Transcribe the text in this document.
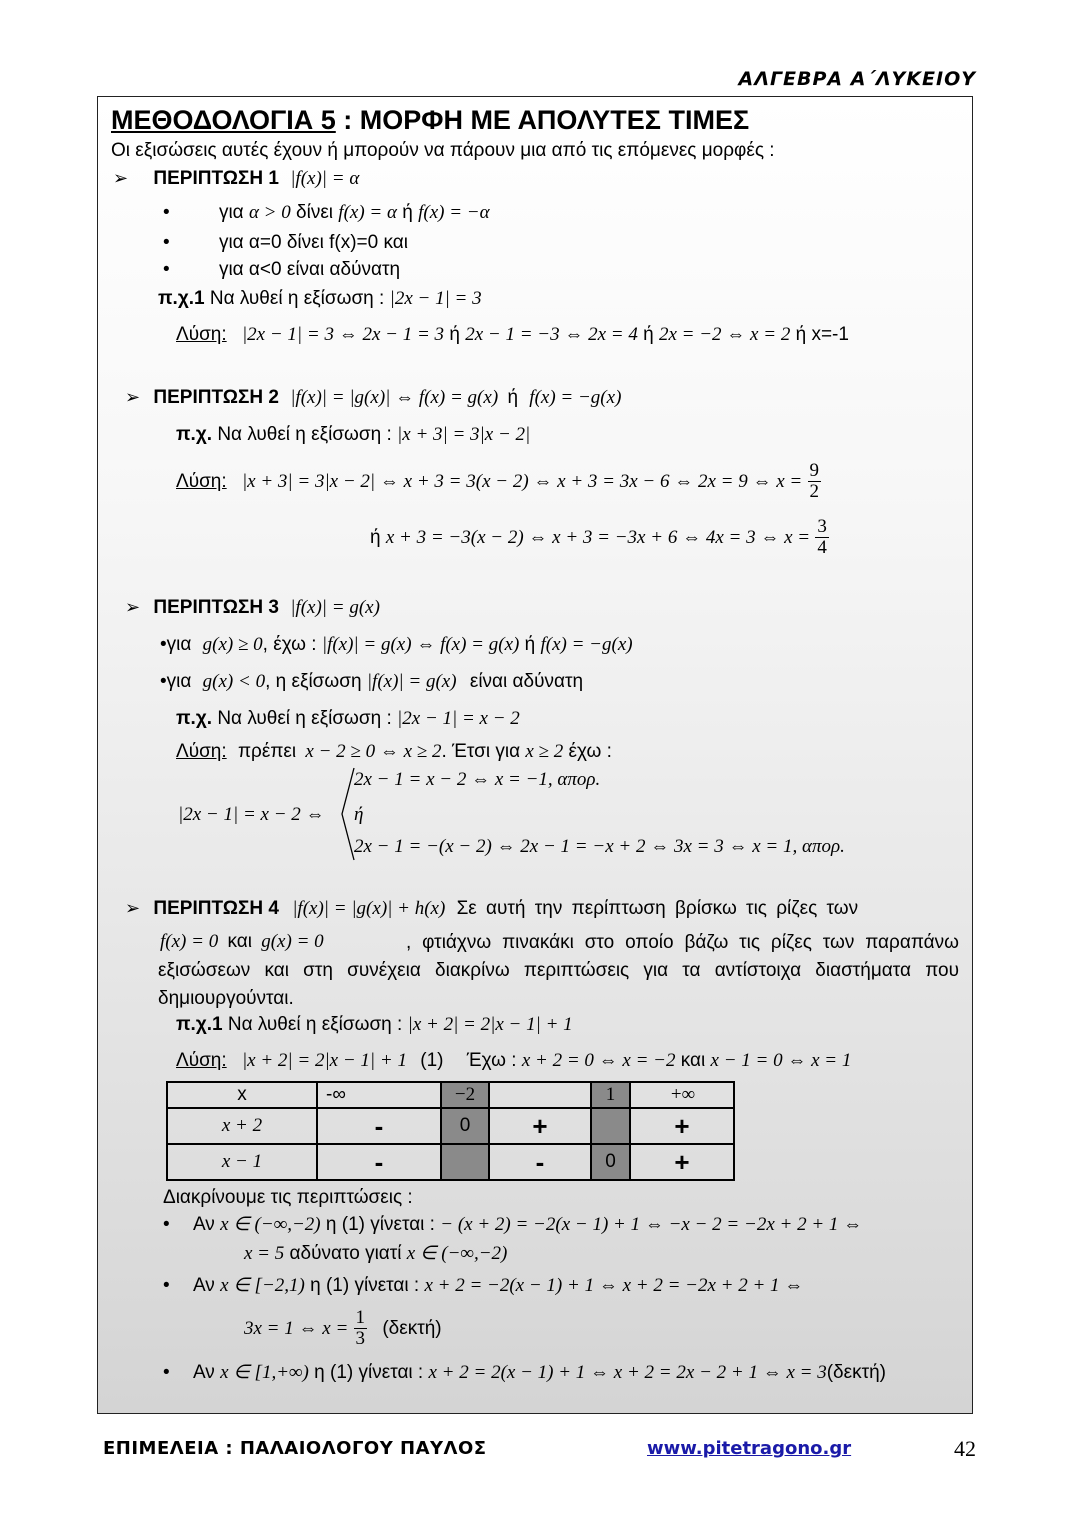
ΑΛΓΕΒΡΑ Α΄ΛΥΚΕΙΟΥ
ΜΕΘΟΔΟΛΟΓΙΑ 5 : ΜΟΡΦΗ ΜΕ ΑΠΟΛΥΤΕΣ ΤΙΜΕΣ
Οι εξισώσεις αυτές έχουν ή μπορούν να πάρουν μια από τις επόμενες μορφές :
➢ ΠΕΡΙΠΤΩΣΗ 1 |f(x)| = α
•	για α > 0 δίνει f(x) = α ή f(x) = −α
•	για α=0 δίνει f(x)=0 και
•	για α<0 είναι αδύνατη
π.χ.1 Να λυθεί η εξίσωση : |2x − 1| = 3
Λύση: |2x − 1| = 3 ⇔ 2x − 1 = 3 ή 2x − 1 = −3 ⇔ 2x = 4 ή 2x = −2 ⇔ x = 2 ή x=-1
➢ ΠΕΡΙΠΤΩΣΗ 2 |f(x)| = |g(x)| ⇔ f(x) = g(x) ή f(x) = −g(x)
π.χ. Να λυθεί η εξίσωση : |x + 3| = 3|x − 2|
Λύση: |x + 3| = 3|x − 2| ⇔ x + 3 = 3(x − 2) ⇔ x + 3 = 3x − 6 ⇔ 2x = 9 ⇔ $x = \frac{9}{2}$
ή x + 3 = −3(x − 2) ⇔ x + 3 = −3x + 6 ⇔ 4x = 3 ⇔ $x = \frac{3}{4}$
➢ ΠΕΡΙΠΤΩΣΗ 3 |f(x)| = g(x)
•για g(x) ≥ 0, έχω : |f(x)| = g(x) ⇔ f(x) = g(x) ή f(x) = −g(x)
•για g(x) < 0, η εξίσωση |f(x)| = g(x) είναι αδύνατη
π.χ. Να λυθεί η εξίσωση : |2x − 1| = x − 2
Λύση: πρέπει x − 2 ≥ 0 ⇔ x ≥ 2. Έτσι για x ≥ 2 έχω :
|2x − 1| = x − 2 ⇔
2x − 1 = x − 2 ⇔ x = −1, απορ.
ή
2x − 1 = −(x − 2) ⇔ 2x − 1 = −x + 2 ⇔ 3x = 3 ⇔ x = 1, απορ.
➢ ΠΕΡΙΠΤΩΣΗ 4 |f(x)| = |g(x)| + h(x) Σε αυτή την περίπτωση βρίσκω τις ρίζες των
f(x) = 0 και g(x) = 0	, φτιάχνω πινακάκι στο οποίο βάζω τις ρίζες των παραπάνω εξισώσεων και στη συνέχεια διακρίνω περιπτώσεις για τα αντίστοιχα διαστήματα που δημιουργούνται.
π.χ.1 Να λυθεί η εξίσωση : |x + 2| = 2|x − 1| + 1
Λύση: |x + 2| = 2|x − 1| + 1 (1) Έχω : x + 2 = 0 ⇔ x = −2 και x − 1 = 0 ⇔ x = 1
x	-∞	−2		1	+∞
x + 2	-	0	+		+
x − 1	-		-	0	+
Διακρίνουμε τις περιπτώσεις :
• Αν x ∈ (−∞,−2) η (1) γίνεται : − (x + 2) = −2(x − 1) + 1 ⇔ −x − 2 = −2x + 2 + 1 ⇔
x = 5 αδύνατο γιατί x ∈ (−∞,−2)
• Αν x ∈ [−2,1) η (1) γίνεται : x + 2 = −2(x − 1) + 1 ⇔ x + 2 = −2x + 2 + 1 ⇔
3x = 1 ⇔ $x = \frac{1}{3} (\delta\varepsilon\kappa\tau ή)$
• Αν x ∈ [1,+∞) η (1) γίνεται : x + 2 = 2(x − 1) + 1 ⇔ x + 2 = 2x − 2 + 1 ⇔ x = 3(δεκτή)
ΕΠΙΜΕΛΕΙΑ : ΠΑΛΑΙΟΛΟΓΟΥ ΠΑΥΛΟΣ	www.pitetragono.gr	42
